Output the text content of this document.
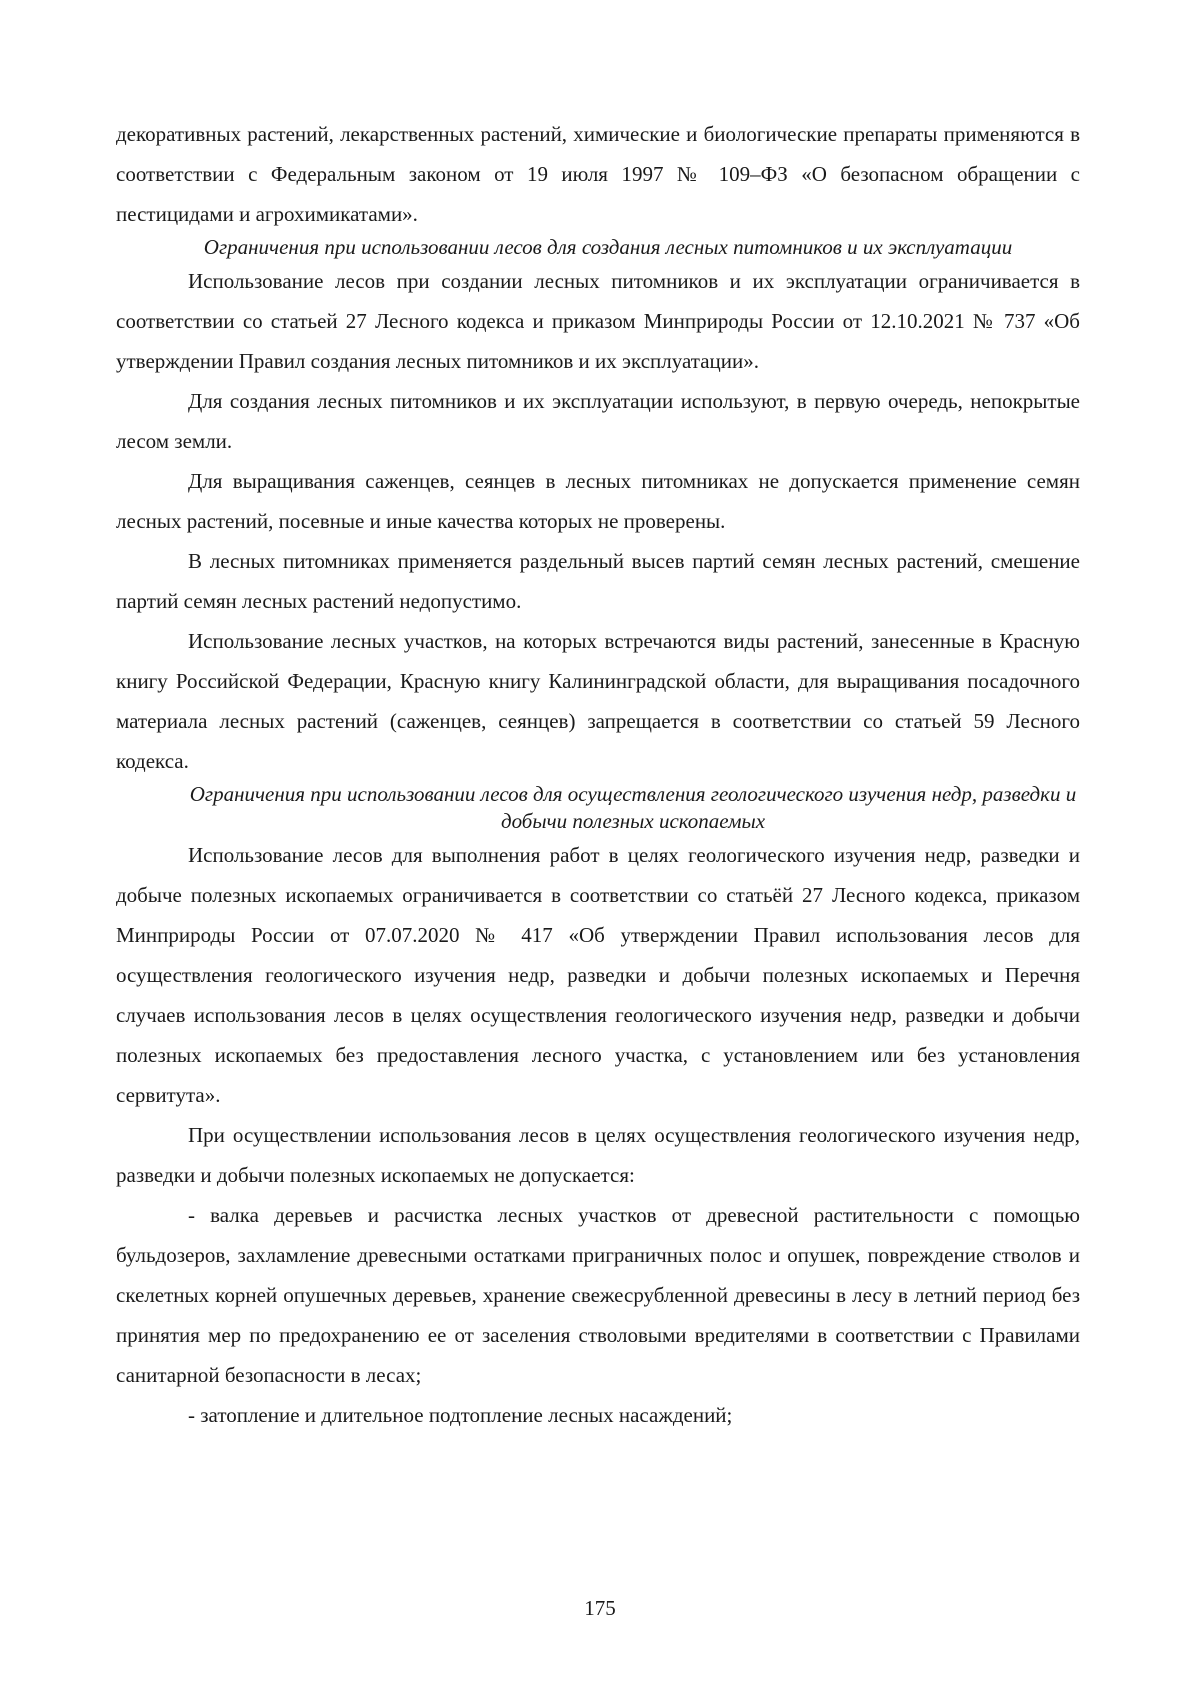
декоративных растений, лекарственных растений, химические и биологические препараты применяются в соответствии с Федеральным законом от 19 июля 1997 № 109–ФЗ «О безопасном обращении с пестицидами и агрохимикатами».

Ограничения при использовании лесов для создания лесных питомников и их эксплуатации

Использование лесов при создании лесных питомников и их эксплуатации ограничивается в соответствии со статьей 27 Лесного кодекса и приказом Минприроды России от 12.10.2021 № 737 «Об утверждении Правил создания лесных питомников и их эксплуатации».

Для создания лесных питомников и их эксплуатации используют, в первую очередь, непокрытые лесом земли.

Для выращивания саженцев, сеянцев в лесных питомниках не допускается применение семян лесных растений, посевные и иные качества которых не проверены.

В лесных питомниках применяется раздельный высев партий семян лесных растений, смешение партий семян лесных растений недопустимо.

Использование лесных участков, на которых встречаются виды растений, занесенные в Красную книгу Российской Федерации, Красную книгу Калининградской области, для выращивания посадочного материала лесных растений (саженцев, сеянцев) запрещается в соответствии со статьей 59 Лесного кодекса.

Ограничения при использовании лесов для осуществления геологического изучения недр, разведки и добычи полезных ископаемых

Использование лесов для выполнения работ в целях геологического изучения недр, разведки и добыче полезных ископаемых ограничивается в соответствии со статьёй 27 Лесного кодекса, приказом Минприроды России от 07.07.2020 № 417 «Об утверждении Правил использования лесов для осуществления геологического изучения недр, разведки и добычи полезных ископаемых и Перечня случаев использования лесов в целях осуществления геологического изучения недр, разведки и добычи полезных ископаемых без предоставления лесного участка, с установлением или без установления сервитута».

При осуществлении использования лесов в целях осуществления геологического изучения недр, разведки и добычи полезных ископаемых не допускается:

- валка деревьев и расчистка лесных участков от древесной растительности с помощью бульдозеров, захламление древесными остатками приграничных полос и опушек, повреждение стволов и скелетных корней опушечных деревьев, хранение свежесрубленной древесины в лесу в летний период без принятия мер по предохранению ее от заселения стволовыми вредителями в соответствии с Правилами санитарной безопасности в лесах;

- затопление и длительное подтопление лесных насаждений;

175
